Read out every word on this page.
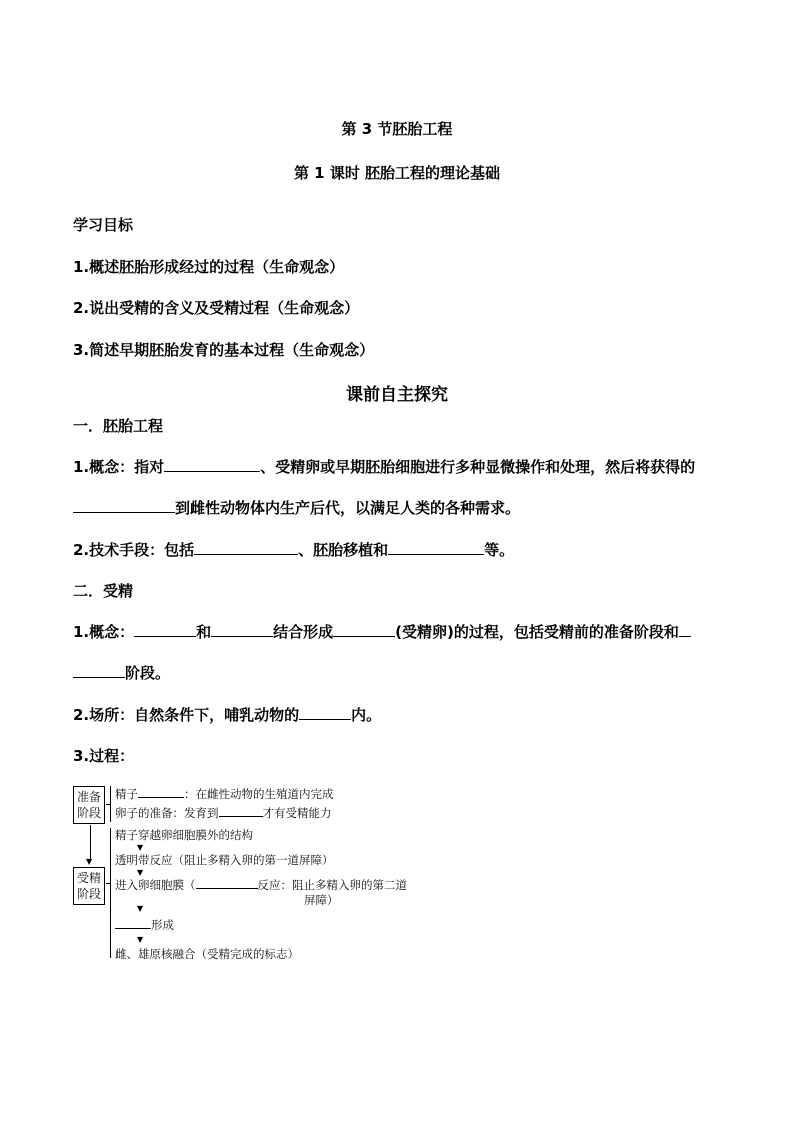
第 3 节胚胎工程
第 1 课时 胚胎工程的理论基础
学习目标
1.概述胚胎形成经过的过程（生命观念）
2.说出受精的含义及受精过程（生命观念）
3.简述早期胚胎发育的基本过程（生命观念）
课前自主探究
一．胚胎工程
1.概念：指对	、受精卵或早期胚胎细胞进行多种显微操作和处理，然后将获得的
到雌性动物体内生产后代，以满足人类的各种需求。
2.技术手段：包括	、胚胎移植和	等。
二．受精
1.概念：	和	结合形成	(受精卵)的过程，包括受精前的准备阶段和
阶段。
2.场所：自然条件下，哺乳动物的	内。
3.过程：
准备
阶段
受精
阶段
▼
精子	：在雌性动物的生殖道内完成
卵子的准备：发育到	才有受精能力
精子穿越卵细胞膜外的结构
▼
透明带反应（阻止多精入卵的第一道屏障）
▼
进入卵细胞膜（	反应：阻止多精入卵的第二道
屏障）
▼
形成
▼
雌、雄原核融合（受精完成的标志）
